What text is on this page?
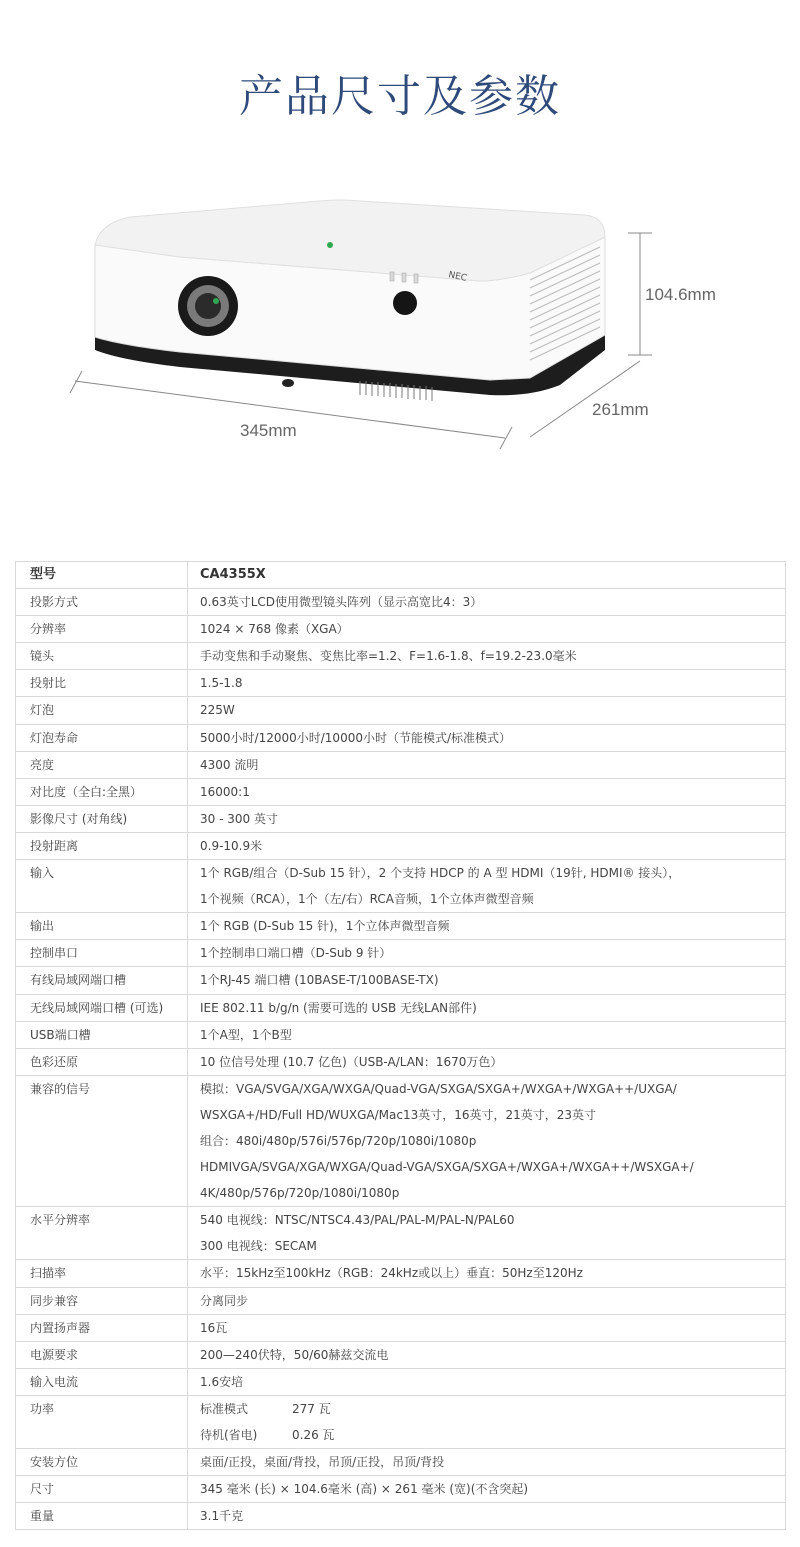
产品尺寸及参数
NEC
104.6mm
261mm
345mm
型号	CA4355X

投影方式	0.63英寸LCD使用微型镜头阵列（显示高宽比4：3）

分辨率	1024 × 768 像素（XGA）

镜头	手动变焦和手动聚焦、变焦比率=1.2、F=1.6-1.8、f=19.2-23.0毫米

投射比	1.5-1.8

灯泡	225W

灯泡寿命	5000小时/12000小时/10000小时（节能模式/标准模式）

亮度	4300 流明

对比度（全白:全黑）	16000:1

影像尺寸 (对角线)	30 - 300 英寸

投射距离	0.9-10.9米

输入	1个 RGB/组合（D-Sub 15 针），2 个支持 HDCP 的 A 型 HDMI（19针, HDMI® 接头），
1个视频（RCA），1个（左/右）RCA音频，1个立体声微型音频

输出	1个 RGB (D-Sub 15 针)，1个立体声微型音频

控制串口	1个控制串口端口槽（D-Sub 9 针）

有线局域网端口槽	1个RJ-45 端口槽 (10BASE-T/100BASE-TX)

无线局域网端口槽 (可选)	IEE 802.11 b/g/n (需要可选的 USB 无线LAN部件)

USB端口槽	1个A型，1个B型

色彩还原	10 位信号处理 (10.7 亿色)（USB-A/LAN：1670万色）

兼容的信号	模拟：VGA/SVGA/XGA/WXGA/Quad-VGA/SXGA/SXGA+/WXGA+/WXGA++/UXGA/
WSXGA+/HD/Full HD/WUXGA/Mac13英寸，16英寸，21英寸，23英寸
组合：480i/480p/576i/576p/720p/1080i/1080p
HDMIVGA/SVGA/XGA/WXGA/Quad-VGA/SXGA/SXGA+/WXGA+/WXGA++/WSXGA+/
4K/480p/576p/720p/1080i/1080p

水平分辨率	540 电视线：NTSC/NTSC4.43/PAL/PAL-M/PAL-N/PAL60
300 电视线：SECAM

扫描率	水平：15kHz至100kHz（RGB：24kHz或以上）垂直：50Hz至120Hz

同步兼容	分离同步

内置扬声器	16瓦

电源要求	200—240伏特，50/60赫兹交流电

输入电流	1.6安培

功率	标准模式 277 瓦
待机(省电) 0.26 瓦

安装方位	桌面/正投，桌面/背投，吊顶/正投，吊顶/背投

尺寸	345 毫米 (长) × 104.6毫米 (高) × 261 毫米 (宽)(不含突起)

重量	3.1千克
